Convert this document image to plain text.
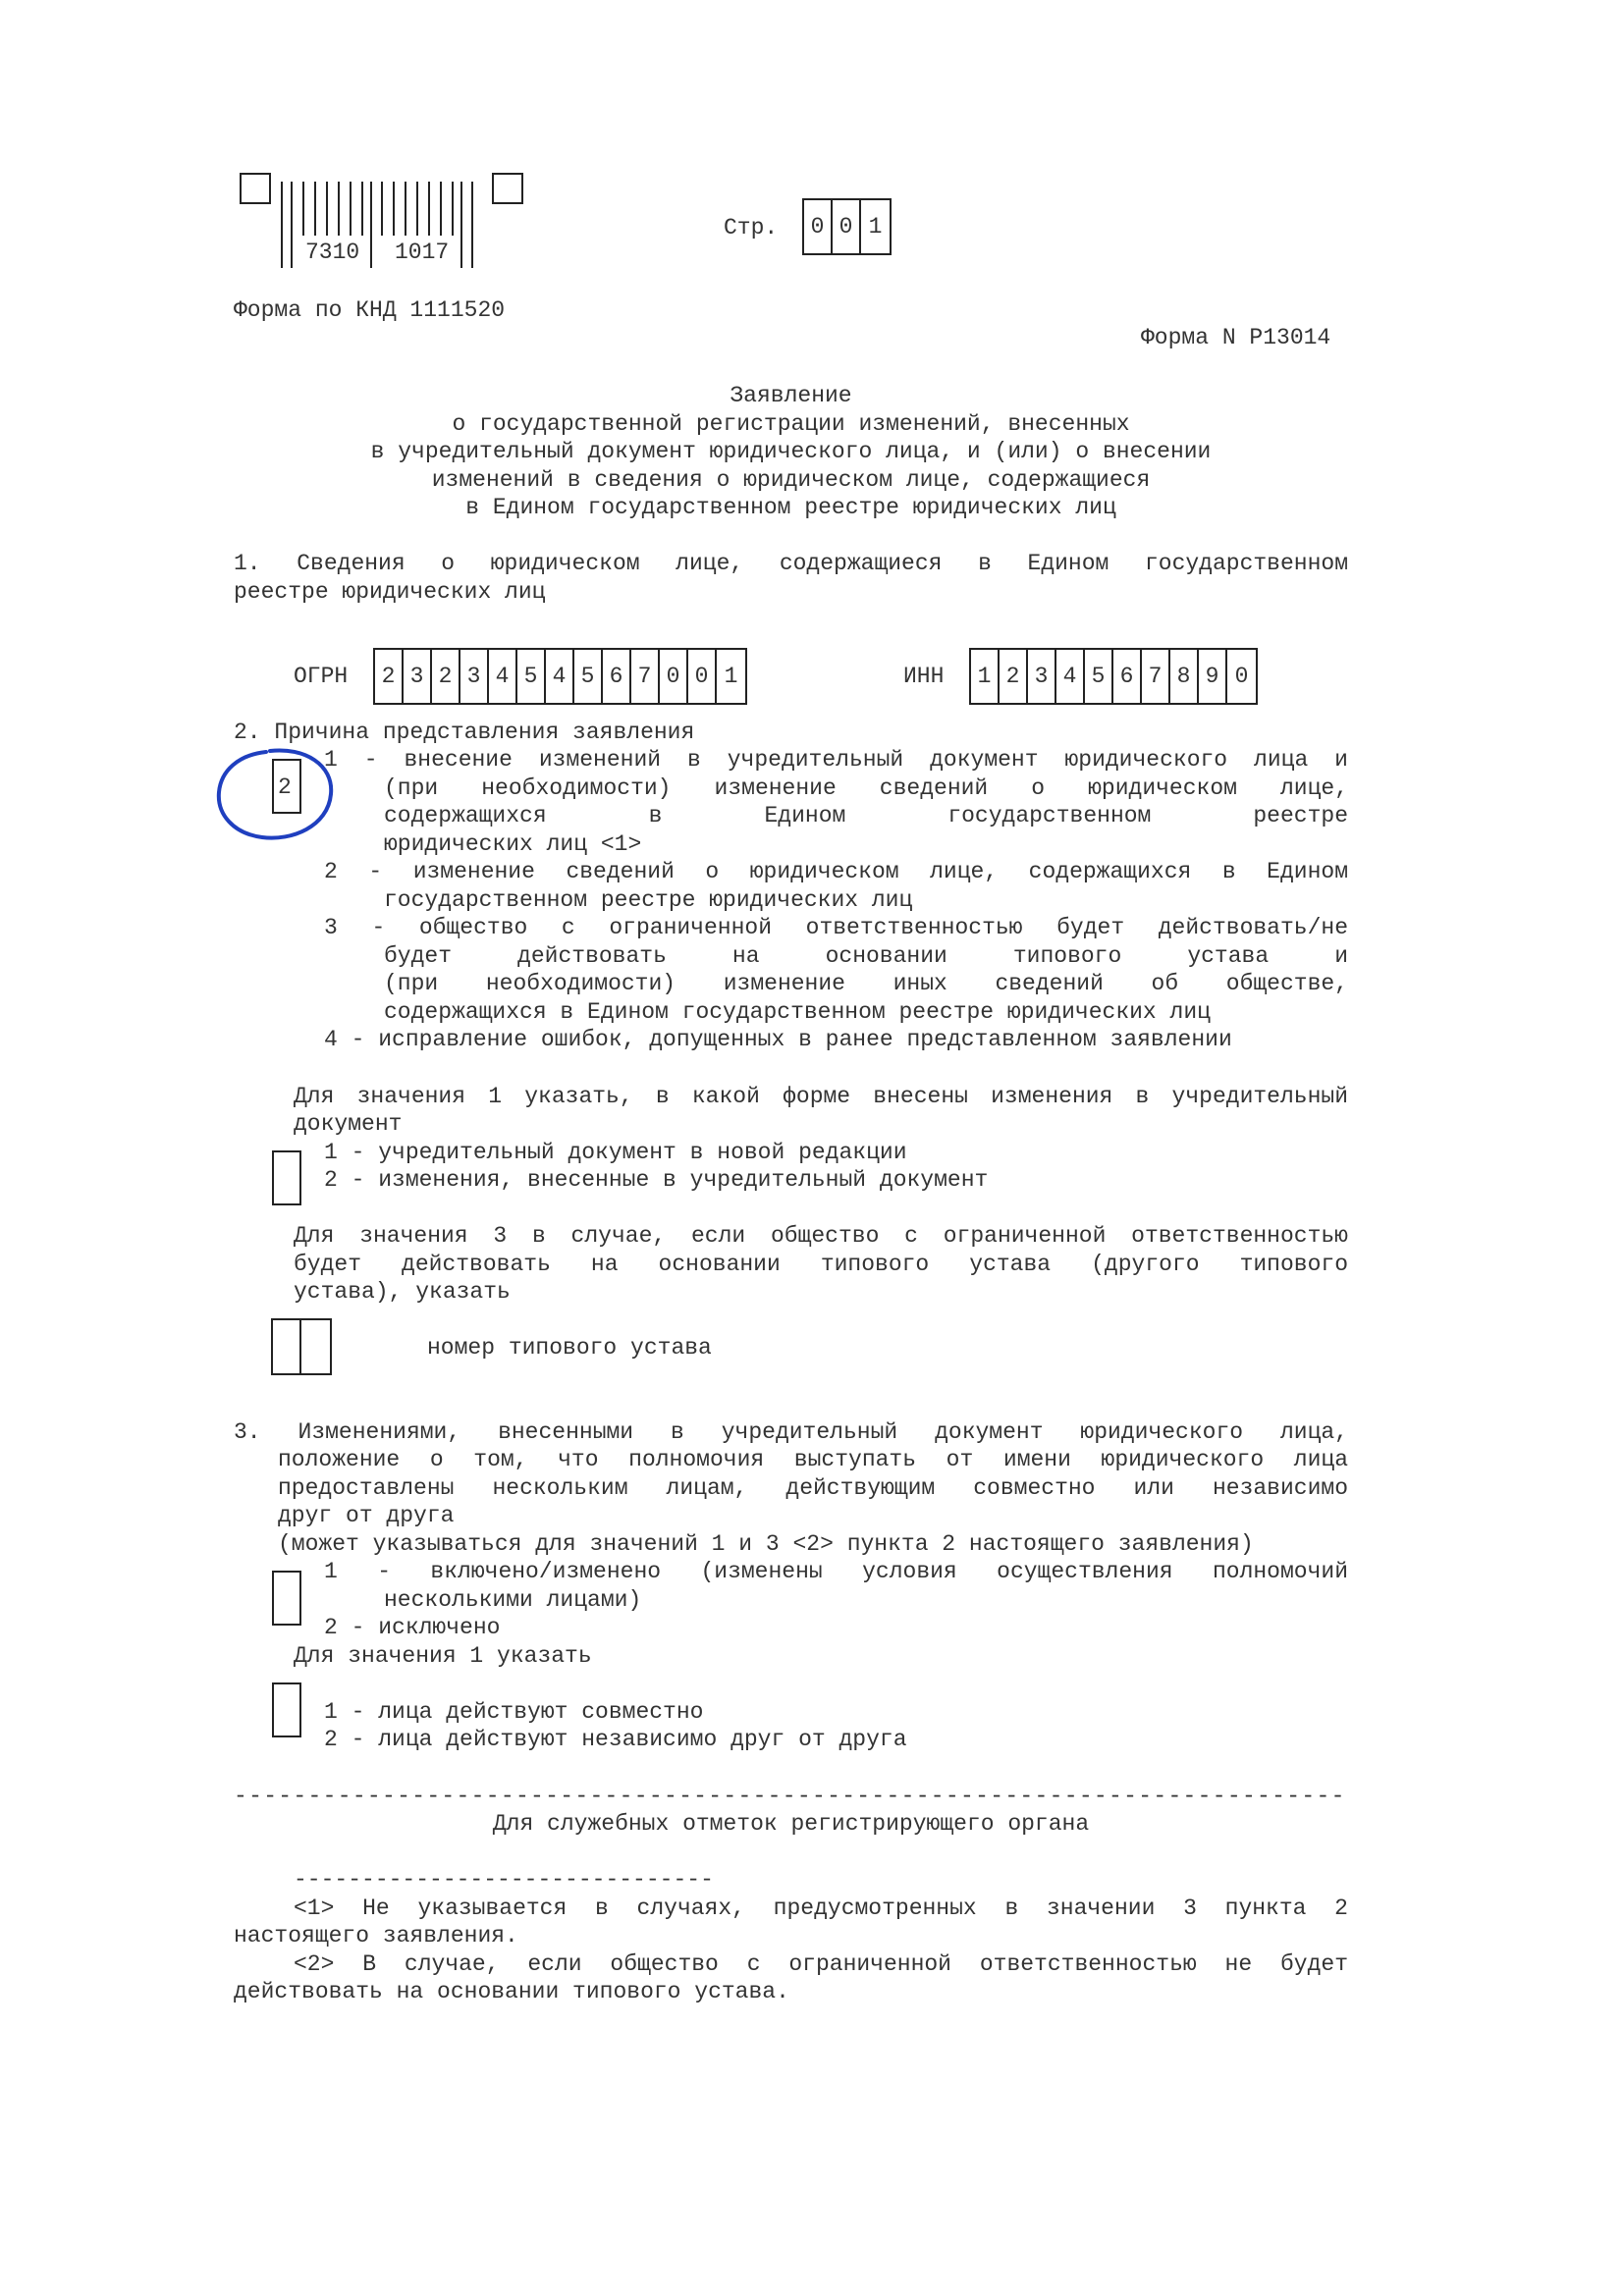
7310 1017
Стр. 0 0 1
Форма по КНД 1111520
Форма N Р13014
Заявление
о государственной регистрации изменений, внесенных
в учредительный документ юридического лица, и (или) о внесении
изменений в сведения о юридическом лице, содержащиеся
в Едином государственном реестре юридических лиц
1. Сведения о юридическом лице, содержащиеся в Едином государственном
реестре юридических лиц
ОГРН 2 3 2 3 4 5 4 5 6 7 0 0 1	ИНН 1 2 3 4 5 6 7 8 9 0
2. Причина представления заявления
2
1 - внесение изменений в учредительный документ юридического лица и
(при необходимости) изменение сведений о юридическом лице,
содержащихся в Едином государственном реестре
юридических лиц <1>
2 - изменение сведений о юридическом лице, содержащихся в Едином
государственном реестре юридических лиц
3 - общество с ограниченной ответственностью будет действовать/не
будет действовать на основании типового устава и
(при необходимости) изменение иных сведений об обществе,
содержащихся в Едином государственном реестре юридических лиц
4 - исправление ошибок, допущенных в ранее представленном заявлении
Для значения 1 указать, в какой форме внесены изменения в учредительный
документ
1 - учредительный документ в новой редакции
2 - изменения, внесенные в учредительный документ
Для значения 3 в случае, если общество с ограниченной ответственностью
будет действовать на основании типового устава (другого типового
устава), указать
номер типового устава
3. Изменениями, внесенными в учредительный документ юридического лица,
положение о том, что полномочия выступать от имени юридического лица
предоставлены нескольким лицам, действующим совместно или независимо
друг от друга
(может указываться для значений 1 и 3 <2> пункта 2 настоящего заявления)
1 - включено/изменено (изменены условия осуществления полномочий
несколькими лицами)
2 - исключено
Для значения 1 указать
1 - лица действуют совместно
2 - лица действуют независимо друг от друга
---------------------------------------------------------------------------
Для служебных отметок регистрирующего органа
-------------------------------
<1> Не указывается в случаях, предусмотренных в значении 3 пункта 2
настоящего заявления.
<2> В случае, если общество с ограниченной ответственностью не будет
действовать на основании типового устава.
